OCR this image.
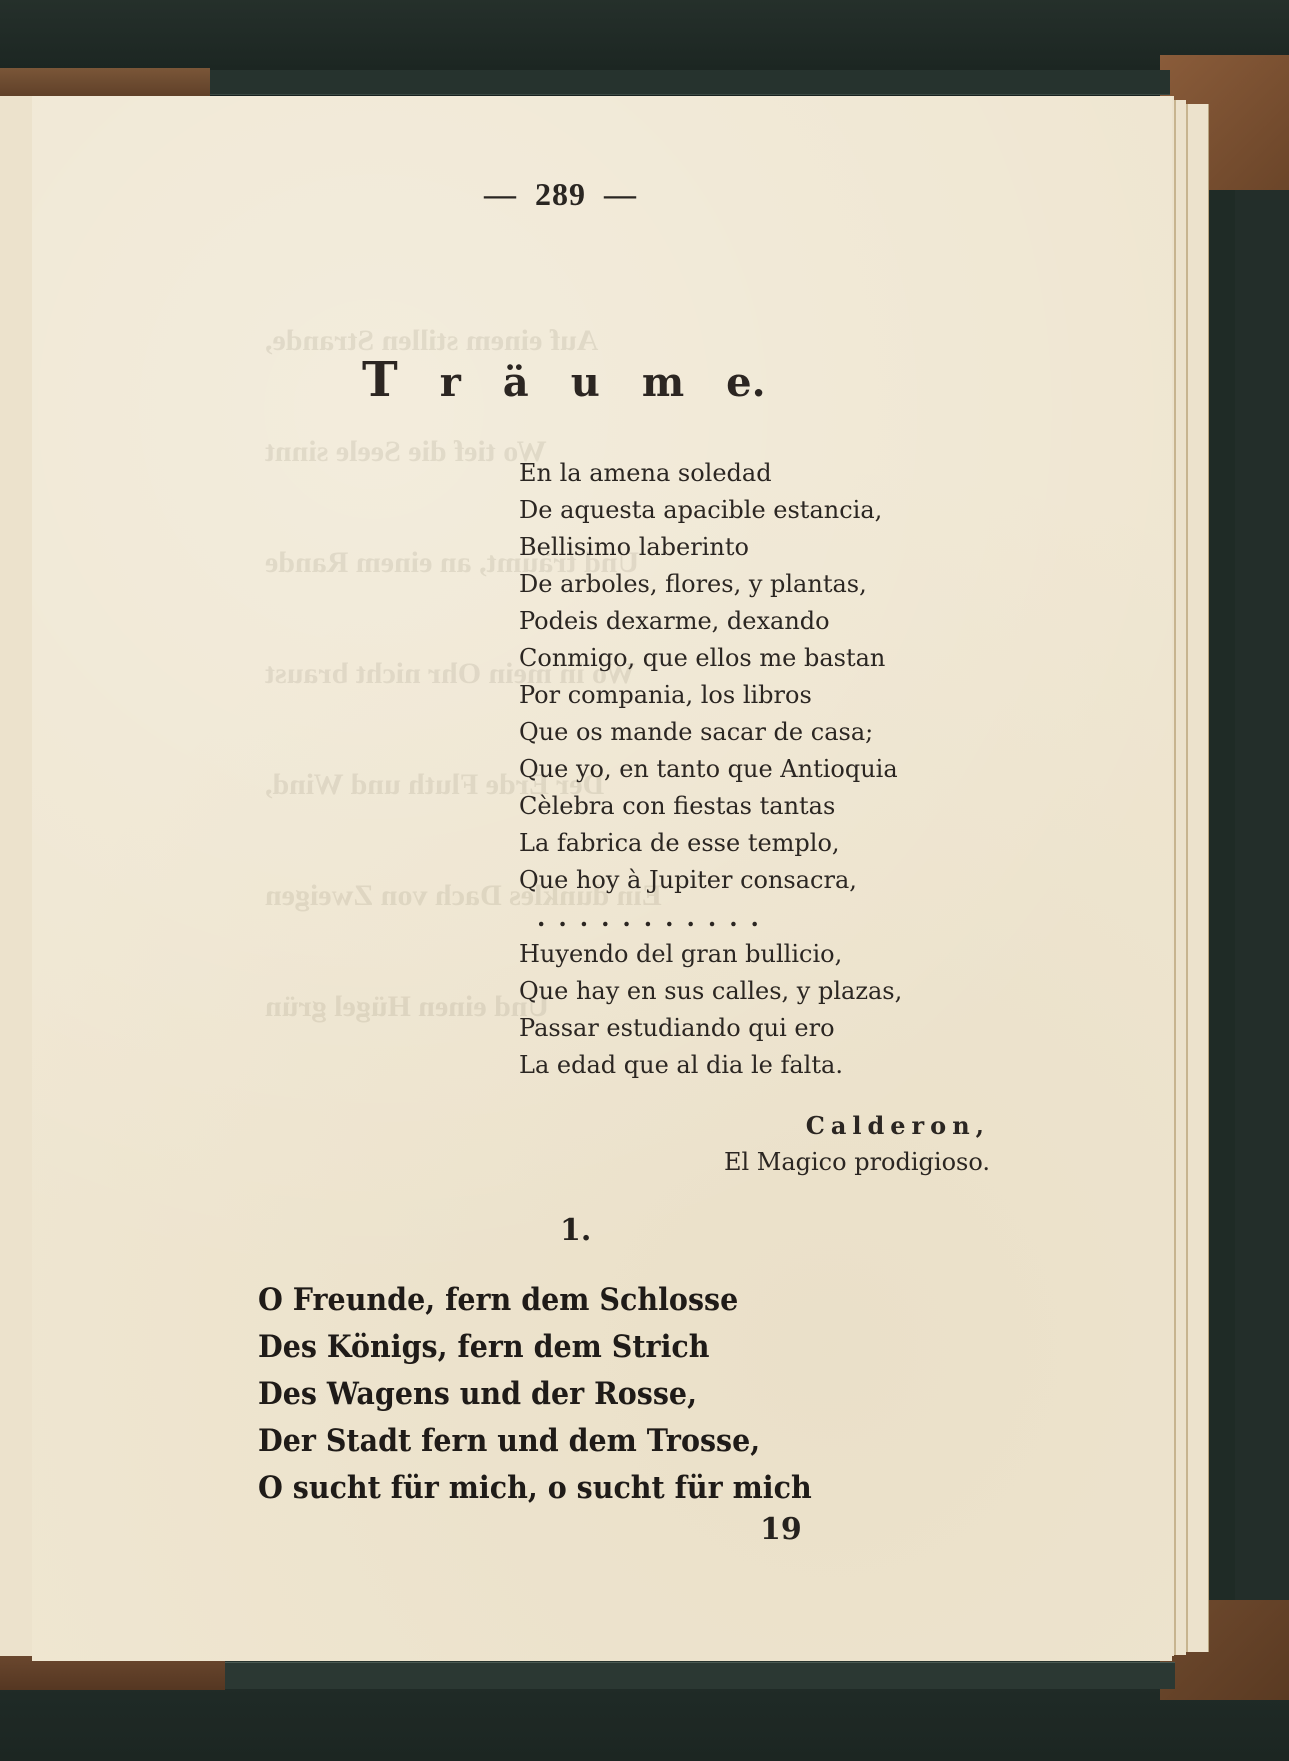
— 289 —
T r ä u m e.
En la amena soledad
De aquesta apacible estancia,
Bellisimo laberinto
De arboles, flores, y plantas,
Podeis dexarme, dexando
Conmigo, que ellos me bastan
Por compania, los libros
Que os mande sacar de casa;
Que yo, en tanto que Antioquia
Cèlebra con fiestas tantas
La fabrica de esse templo,
Que hoy à Jupiter consacra,
...........
Huyendo del gran bullicio,
Que hay en sus calles, y plazas,
Passar estudiando qui ero
La edad que al dia le falta.
Calderon,
El Magico prodigioso.
1.
O Freunde, fern dem Schlosse
Des Königs, fern dem Strich
Des Wagens und der Rosse,
Der Stadt fern und dem Trosse,
O sucht für mich, o sucht für mich
19
